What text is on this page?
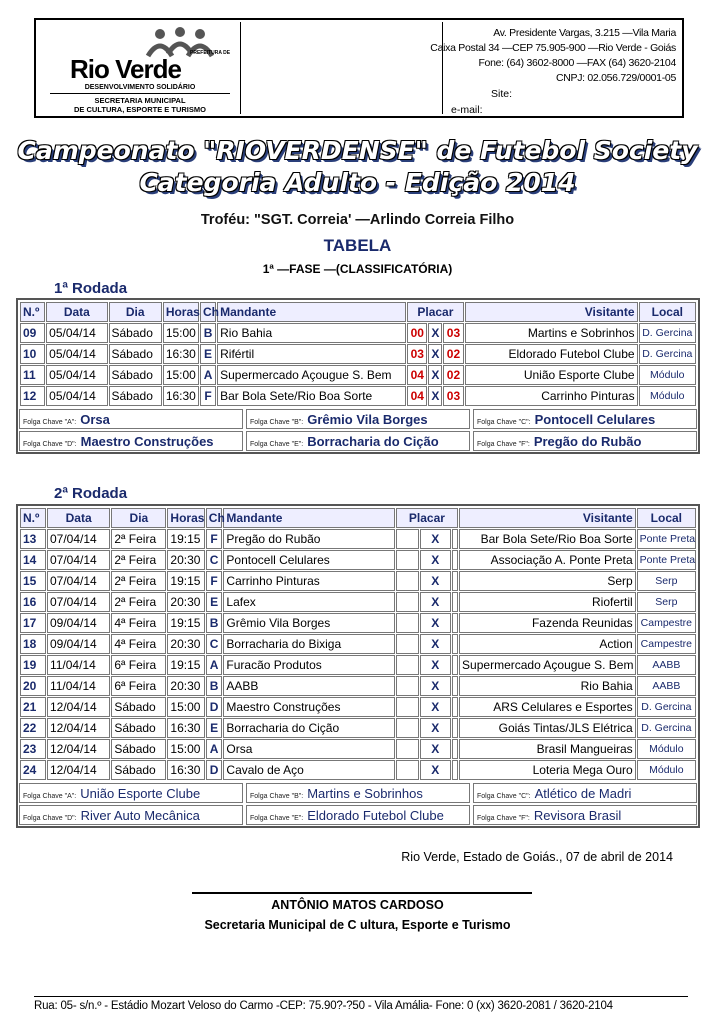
PREFEITURA DE
Rio Verde
DESENVOLVIMENTO SOLIDÁRIO
SECRETARIA MUNICIPAL
DE CULTURA, ESPORTE E TURISMO
Av. Presidente Vargas, 3.215 —Vila Maria
Caixa Postal 34 —CEP 75.905-900 —Rio Verde - Goiás
Fone: (64) 3602-8000 —FAX (64) 3620-2104
CNPJ: 02.056.729/0001-05
Site:
e-mail:
Campeonato "RIOVERDENSE" de Futebol Society
Categoria Adulto - Edição 2014
Troféu: "SGT. Correia' —Arlindo Correia Filho
TABELA
1ª —FASE —(CLASSIFICATÓRIA)
1ª Rodada
N.º	Data	Dia	Horas	Ch	Mandante	Placar			Visitante	Local
09	05/04/14	Sábado	15:00	B	Rio Bahia	00	X	03	Martins e Sobrinhos	D. Gercina
10	05/04/14	Sábado	16:30	E	Rifértil	03	X	02	Eldorado Futebol Clube	D. Gercina
11	05/04/14	Sábado	15:00	A	Supermercado Açougue S. Bem	04	X	02	União Esporte Clube	Módulo
12	05/04/14	Sábado	16:30	F	Bar Bola Sete/Rio Boa Sorte	04	X	03	Carrinho Pinturas	Módulo
Folga Chave "A": Orsa	Folga Chave "B": Grêmio Vila Borges	Folga Chave "C": Pontocell Celulares
Folga Chave "D": Maestro Construções	Folga Chave "E": Borracharia do Cição	Folga Chave "F": Pregão do Rubão
2ª Rodada
N.º	Data	Dia	Horas	Ch	Mandante	Placar			Visitante	Local
13	07/04/14	2ª Feira	19:15	F	Pregão do Rubão		X		Bar Bola Sete/Rio Boa Sorte	Ponte Preta
14	07/04/14	2ª Feira	20:30	C	Pontocell Celulares		X		Associação A. Ponte Preta	Ponte Preta
15	07/04/14	2ª Feira	19:15	F	Carrinho Pinturas		X		Serp	Serp
16	07/04/14	2ª Feira	20:30	E	Lafex		X		Riofertil	Serp
17	09/04/14	4ª Feira	19:15	B	Grêmio Vila Borges		X		Fazenda Reunidas	Campestre
18	09/04/14	4ª Feira	20:30	C	Borracharia do Bixiga		X		Action	Campestre
19	11/04/14	6ª Feira	19:15	A	Furacão Produtos		X		Supermercado Açougue S. Bem	AABB
20	11/04/14	6ª Feira	20:30	B	AABB		X		Rio Bahia	AABB
21	12/04/14	Sábado	15:00	D	Maestro Construções		X		ARS Celulares e Esportes	D. Gercina
22	12/04/14	Sábado	16:30	E	Borracharia do Cição		X		Goiás Tintas/JLS Elétrica	D. Gercina
23	12/04/14	Sábado	15:00	A	Orsa		X		Brasil Mangueiras	Módulo
24	12/04/14	Sábado	16:30	D	Cavalo de Aço		X		Loteria Mega Ouro	Módulo
Folga Chave "A": União Esporte Clube	Folga Chave "B": Martins e Sobrinhos	Folga Chave "C": Atlético de Madri
Folga Chave "D": River Auto Mecânica	Folga Chave "E": Eldorado Futebol Clube	Folga Chave "F": Revisora Brasil
Rio Verde, Estado de Goiás., 07 de abril de 2014
ANTÔNIO MATOS CARDOSO
Secretaria Municipal de C ultura, Esporte e Turismo
Rua: 05- s/n.º - Estádio Mozart Veloso do Carmo -CEP: 75.90?-?50 - Vila Amália- Fone: 0 (xx) 3620-2081 / 3620-2104
